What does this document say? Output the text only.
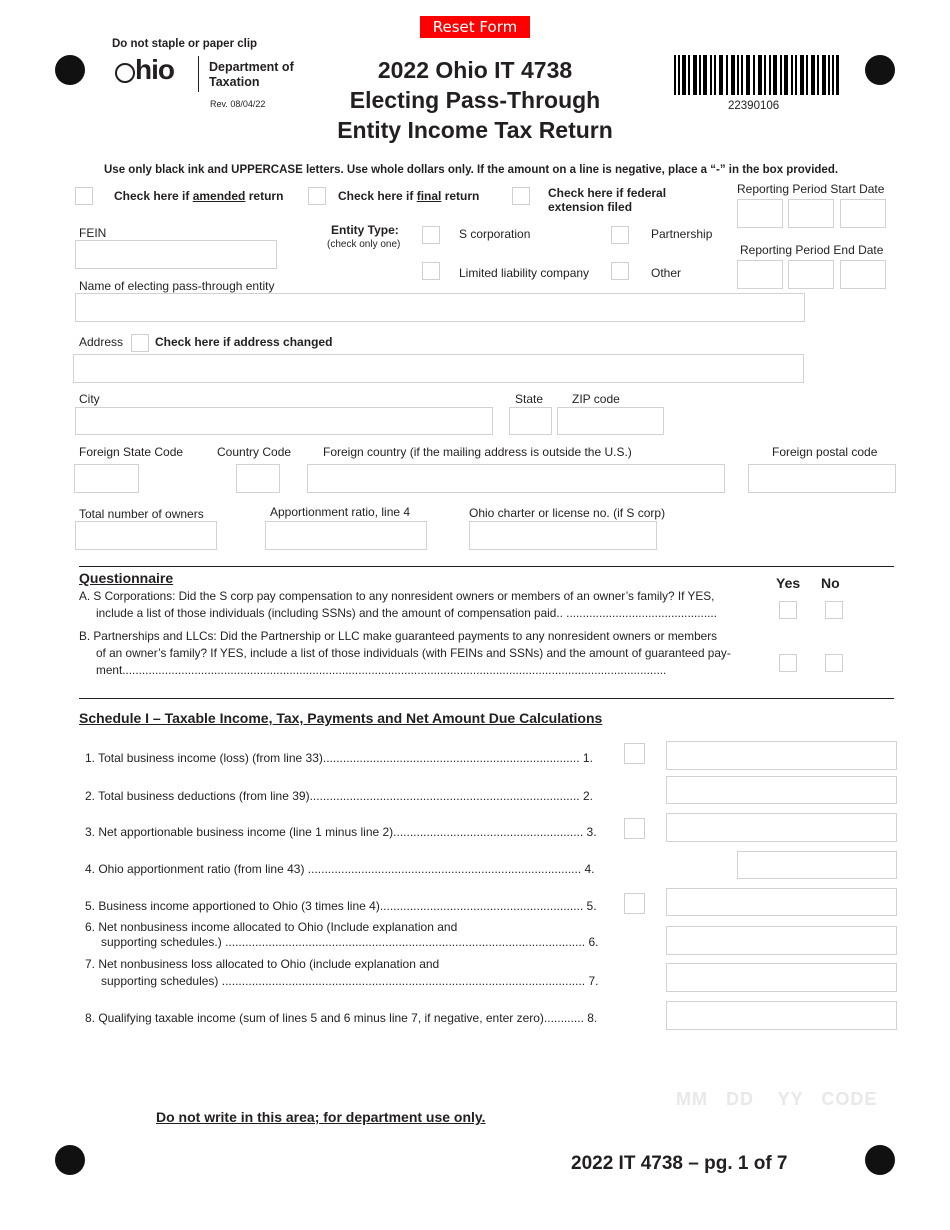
Reset Form
Do not staple or paper clip
hio	Department of
Taxation
Rev. 08/04/22
2022 Ohio IT 4738
Electing Pass-Through
Entity Income Tax Return
22390106
Use only black ink and UPPERCASE letters. Use whole dollars only. If the amount on a line is negative, place a “-” in the box provided.
Check here if amended return	Check here if final return	Check here if federal
extension filed
Reporting Period Start Date
Reporting Period End Date
FEIN	Entity Type:
(check only one)
S corporation	Partnership
Limited liability company	Other
Name of electing pass-through entity
Address	Check here if address changed
City	State ZIP code
Foreign State Code	Country Code	Foreign country (if the mailing address is outside the U.S.)	Foreign postal code
Total number of owners	Apportionment ratio, line 4	Ohio charter or license no. (if S corp)
Questionnaire	Yes No
A. S Corporations: Did the S corp pay compensation to any nonresident owners or members of an owner’s family? If YES,
include a list of those individuals (including SSNs) and the amount of compensation paid.. ..............................................
B. Partnerships and LLCs: Did the Partnership or LLC make guaranteed payments to any nonresident owners or members
of an owner’s family? If YES, include a list of those individuals (with FEINs and SSNs) and the amount of guaranteed pay-
ment......................................................................................................................................................................
Schedule I – Taxable Income, Tax, Payments and Net Amount Due Calculations
1. Total business income (loss) (from line 33)............................................................................. 1.
2. Total business deductions (from line 39)................................................................................. 2.
3. Net apportionable business income (line 1 minus line 2)......................................................... 3.
4. Ohio apportionment ratio (from line 43) .................................................................................. 4.
5. Business income apportioned to Ohio (3 times line 4)............................................................. 5.
6. Net nonbusiness income allocated to Ohio (Include explanation and
supporting schedules.) ............................................................................................................ 6.
7. Net nonbusiness loss allocated to Ohio (include explanation and
supporting schedules) ............................................................................................................. 7.
8. Qualifying taxable income (sum of lines 5 and 6 minus line 7, if negative, enter zero)............ 8.
MM   DD    YY   CODE
Do not write in this area; for department use only.
2022 IT 4738 – pg. 1 of 7
